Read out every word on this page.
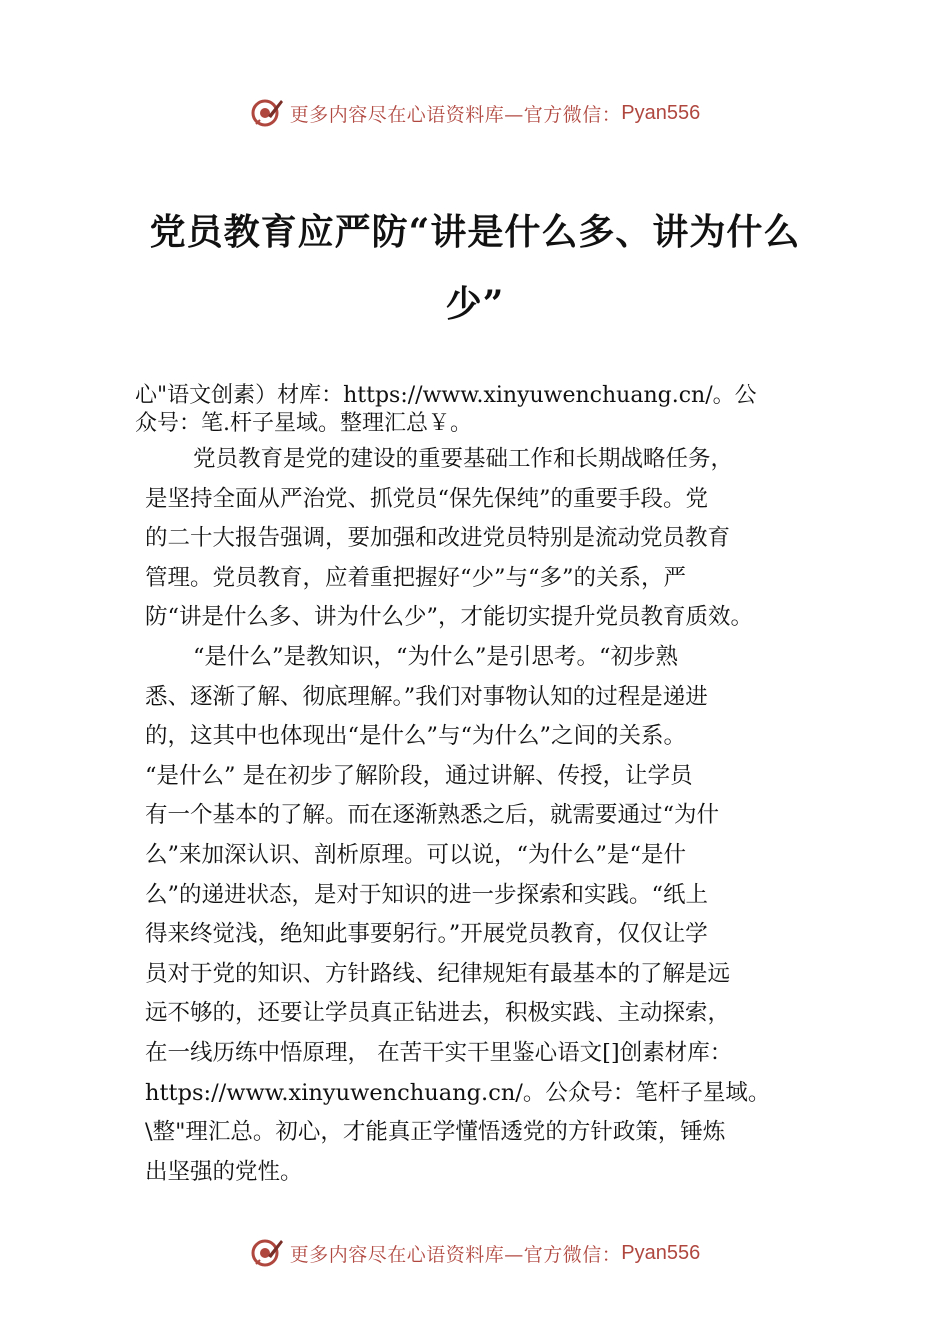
更多内容尽在心语资料库—官方微信： Pyan556
党员教育应严防“讲是什么多、讲为什么
少”
心"语文创素）材库：https://www.xinyuwenchuang.cn/。公
众号：笔.杆子星域。整理汇总￥。
党员教育是党的建设的重要基础工作和长期战略任务，
是坚持全面从严治党、抓党员“保先保纯”的重要手段。党
的二十大报告强调，要加强和改进党员特别是流动党员教育
管理。党员教育，应着重把握好“少”与“多”的关系，严
防“讲是什么多、讲为什么少”，才能切实提升党员教育质效。
“是什么”是教知识，“为什么”是引思考。“初步熟
悉、逐渐了解、彻底理解。”我们对事物认知的过程是递进
的，这其中也体现出“是什么”与“为什么”之间的关系。
“是什么” 是在初步了解阶段，通过讲解、传授，让学员
有一个基本的了解。而在逐渐熟悉之后，就需要通过“为什
么”来加深认识、剖析原理。可以说，“为什么”是“是什
么”的递进状态，是对于知识的进一步探索和实践。“纸上
得来终觉浅，绝知此事要躬行。”开展党员教育，仅仅让学
员对于党的知识、方针路线、纪律规矩有最基本的了解是远
远不够的，还要让学员真正钻进去，积极实践、主动探索，
在一线历练中悟原理， 在苦干实干里鉴心语文[]创素材库：
https://www.xinyuwenchuang.cn/。公众号：笔杆子星域。
\整"理汇总。初心，才能真正学懂悟透党的方针政策，锤炼
出坚强的党性。
更多内容尽在心语资料库—官方微信： Pyan556
